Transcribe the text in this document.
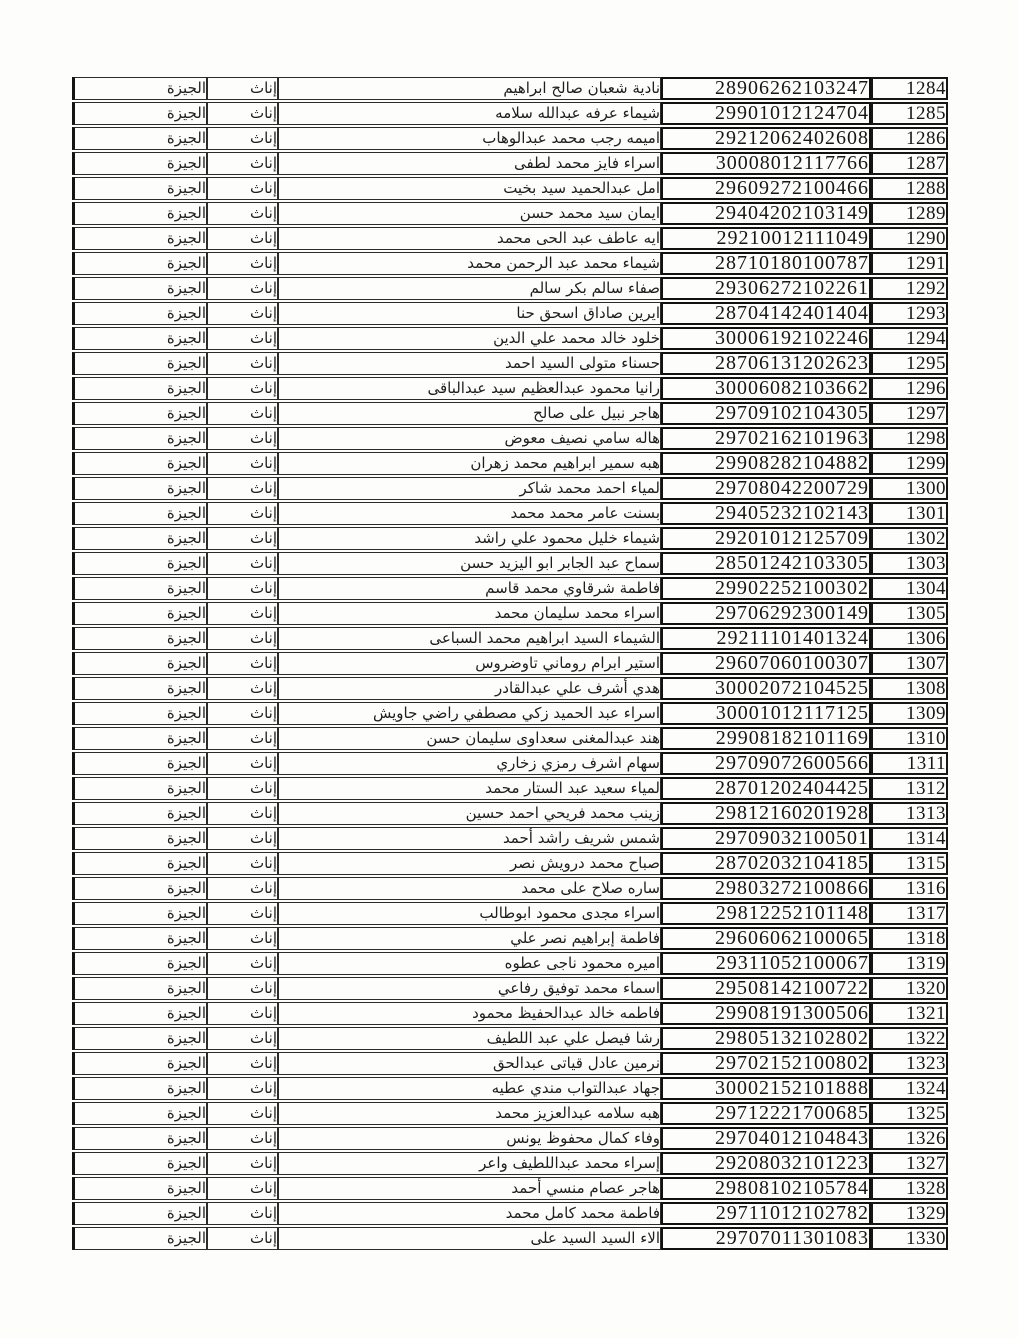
الجيزة	إناث	نادية شعبان صالح ابراهيم	28906262103247	1284
الجيزة	إناث	شيماء عرفه عبدالله سلامه	29901012124704	1285
الجيزة	إناث	اميمه رجب محمد عبدالوهاب	29212062402608	1286
الجيزة	إناث	اسراء فايز محمد لطفى	30008012117766	1287
الجيزة	إناث	امل عبدالحميد سيد بخيت	29609272100466	1288
الجيزة	إناث	ايمان سيد محمد حسن	29404202103149	1289
الجيزة	إناث	ايه عاطف عبد الحى محمد	29210012111049	1290
الجيزة	إناث	شيماء محمد عبد الرحمن محمد	28710180100787	1291
الجيزة	إناث	صفاء سالم بكر سالم	29306272102261	1292
الجيزة	إناث	ايرين صاداق اسحق حنا	28704142401404	1293
الجيزة	إناث	خلود خالد محمد علي الدين	30006192102246	1294
الجيزة	إناث	حسناء متولى السيد احمد	28706131202623	1295
الجيزة	إناث	رانيا محمود عبدالعظيم سيد عبدالباقى	30006082103662	1296
الجيزة	إناث	هاجر نبيل على صالح	29709102104305	1297
الجيزة	إناث	هاله سامي نصيف معوض	29702162101963	1298
الجيزة	إناث	هبه سمير ابراهيم محمد زهران	29908282104882	1299
الجيزة	إناث	لمياء احمد محمد شاكر	29708042200729	1300
الجيزة	إناث	بسنت عامر محمد محمد	29405232102143	1301
الجيزة	إناث	شيماء خليل محمود علي راشد	29201012125709	1302
الجيزة	إناث	سماح عبد الجابر ابو اليزيد حسن	28501242103305	1303
الجيزة	إناث	فاطمة شرقاوي محمد قاسم	29902252100302	1304
الجيزة	إناث	اسراء محمد سليمان محمد	29706292300149	1305
الجيزة	إناث	الشيماء السيد ابراهيم محمد السباعى	29211101401324	1306
الجيزة	إناث	استير ابرام روماني تاوضروس	29607060100307	1307
الجيزة	إناث	هدي أشرف علي عبدالقادر	30002072104525	1308
الجيزة	إناث	اسراء عبد الحميد زكي مصطفي راضي جاويش	30001012117125	1309
الجيزة	إناث	هند عبدالمغنى سعداوى سليمان حسن	29908182101169	1310
الجيزة	إناث	سهام اشرف رمزي زخاري	29709072600566	1311
الجيزة	إناث	لمياء سعيد عبد الستار محمد	28701202404425	1312
الجيزة	إناث	زينب محمد فريحي احمد حسين	29812160201928	1313
الجيزة	إناث	شمس شريف راشد أحمد	29709032100501	1314
الجيزة	إناث	صباح محمد درويش نصر	28702032104185	1315
الجيزة	إناث	ساره صلاح على محمد	29803272100866	1316
الجيزة	إناث	اسراء مجدى محمود ابوطالب	29812252101148	1317
الجيزة	إناث	فاطمة إبراهيم نصر علي	29606062100065	1318
الجيزة	إناث	اميره محمود ناجى عطوه	29311052100067	1319
الجيزة	إناث	اسماء محمد توفيق رفاعي	29508142100722	1320
الجيزة	إناث	فاطمه خالد عبدالحفيظ محمود	29908191300506	1321
الجيزة	إناث	رشا فيصل علي عبد اللطيف	29805132102802	1322
الجيزة	إناث	نرمين عادل قياتى عبدالحق	29702152100802	1323
الجيزة	إناث	جهاد عبدالتواب مندي عطيه	30002152101888	1324
الجيزة	إناث	هبه سلامه عبدالعزيز محمد	29712221700685	1325
الجيزة	إناث	وفاء كمال محفوظ يونس	29704012104843	1326
الجيزة	إناث	إسراء محمد عبداللطيف واعر	29208032101223	1327
الجيزة	إناث	هاجر عصام منسي أحمد	29808102105784	1328
الجيزة	إناث	فاطمة محمد كامل محمد	29711012102782	1329
الجيزة	إناث	الاء السيد السيد على	29707011301083	1330
